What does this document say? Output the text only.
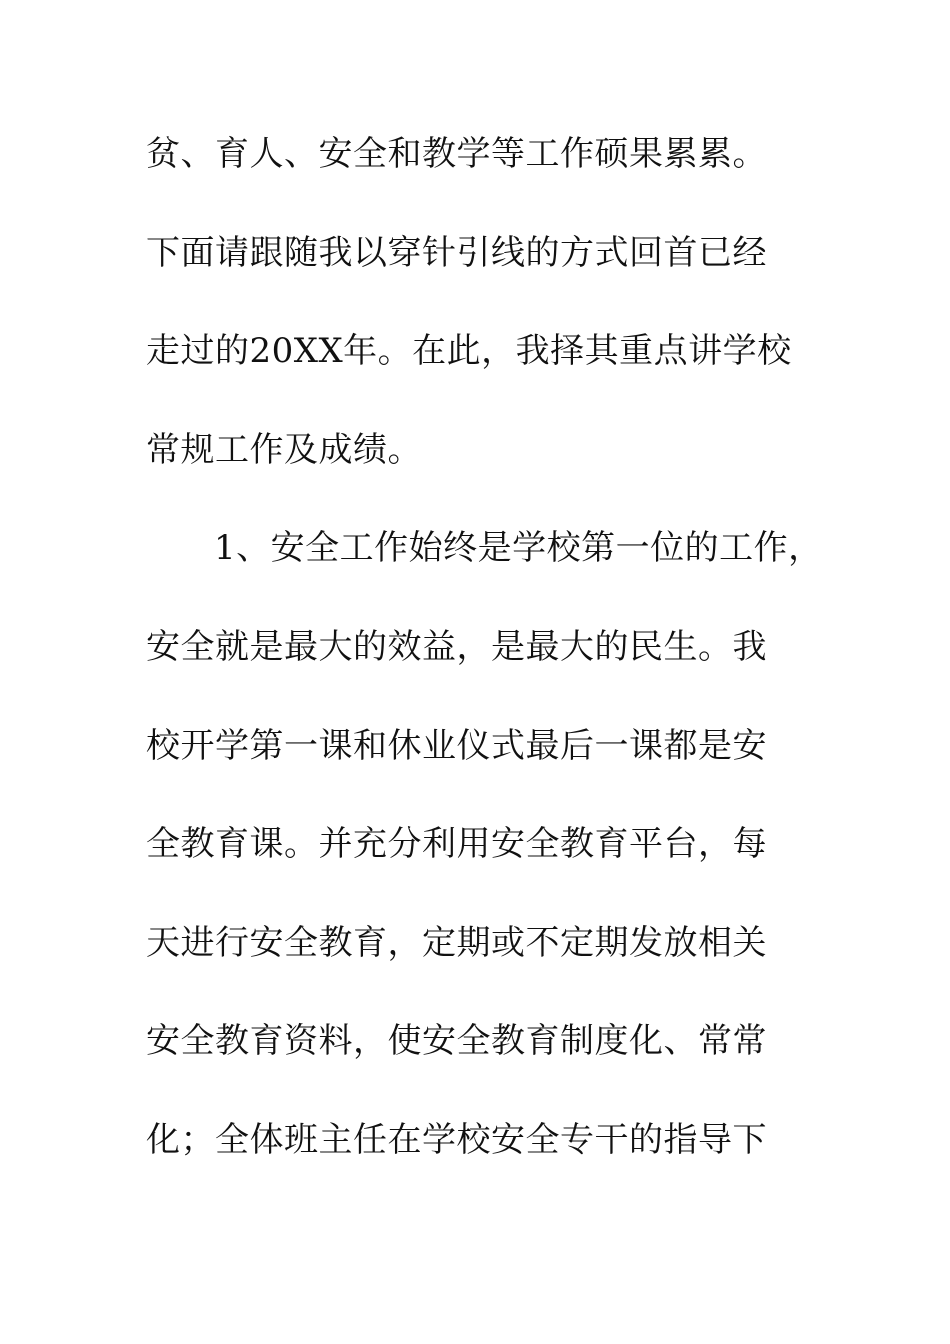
贫、育人、安全和教学等工作硕果累累。
下面请跟随我以穿针引线的方式回首已经
走过的20XX年。在此，我择其重点讲学校
常规工作及成绩。
1、安全工作始终是学校第一位的工作，
安全就是最大的效益，是最大的民生。我
校开学第一课和休业仪式最后一课都是安
全教育课。并充分利用安全教育平台，每
天进行安全教育，定期或不定期发放相关
安全教育资料，使安全教育制度化、常常
化；全体班主任在学校安全专干的指导下
